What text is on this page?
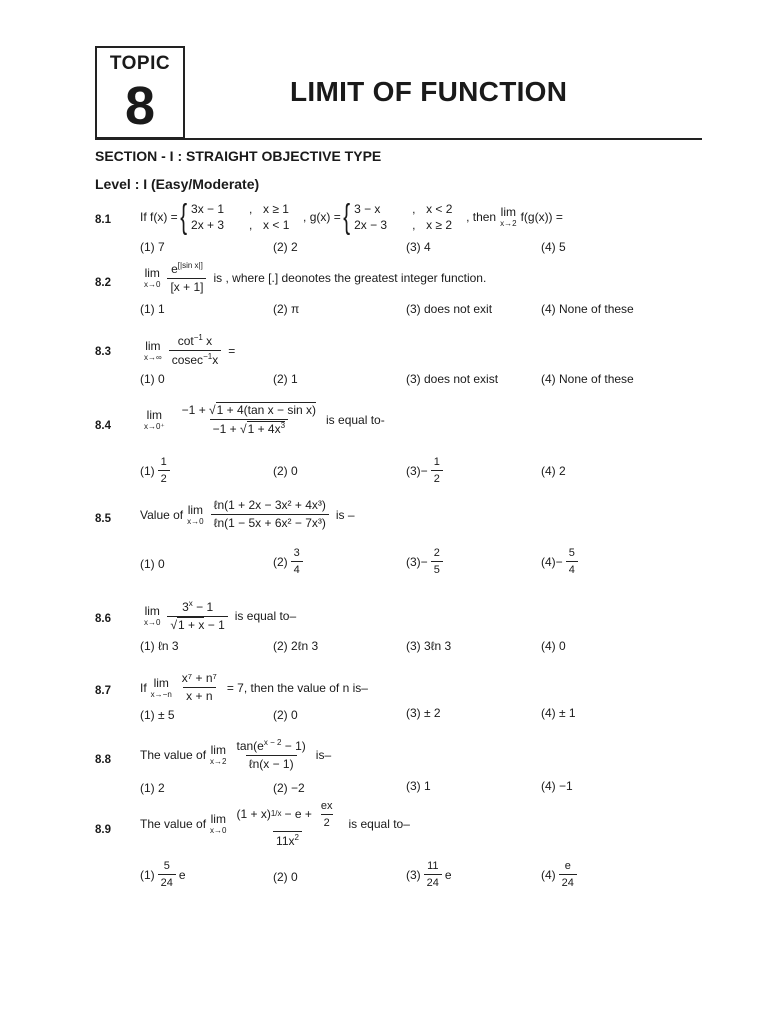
TOPIC
8	LIMIT OF FUNCTION
SECTION - I : STRAIGHT OBJECTIVE TYPE
Level : I (Easy/Moderate)
8.1 If f(x) = { 3x − 1	, x ≥ 1
2x + 3	, x < 1
, g(x) = { 3 − x	, x < 2
2x − 3	, x ≥ 2
, then lim
x→2 f(g(x)) =
(1) 7	(2) 2	(3) 4	(4) 5
8.2
lim
$x\to 0 \frac{e^{[|sin x|]}}{[x + 1]}$ is , where [.] deonotes the greatest integer function.
(1) 1	(2) π	(3) does not exit	(4) None of these
8.3	lim
$x\to\infty \frac{\cot^{-1} x}{cosec^{-1}x}$ =
(1) 0	(2) 1	(3) does not exist	(4) None of these
8.4
lim
$x\to 0^+ \frac{\text{−1 + √1 + 4(tan x − sin x)}}{-1 + √1 + 4x^3}$ is equal to-
$(1) \frac{1}{2}$	(2) 0	$(3) - \frac{1}{2}$	(4) 2
8.5 Value of lim
$x\to 0 \frac{\text{ℓn(1 + 2x − 3x² + 4x³)}}{\text{ℓn(1 − 5x + 6x² − 7x³)}}$ is –
(1) 0	$(2) \frac{3}{4}$	$(3) - \frac{2}{5}$	$(4) - \frac{5}{4}$
8.6
lim
$x\to 0 \frac{3^x - 1}{√1 + x - 1}$ is equal to–
(1) ℓn 3	(2) 2ℓn 3	(3) 3ℓn 3	(4) 0
8.7 If lim
$x\to-n \frac{\text{x⁷ + n⁷}}{x + n} = 7$, then the value of n is–
(1) ± 5	(2) 0	(3) ± 2	(4) ± 1
8.8 The value of lim
$x\to 2 \frac{\tan(e^{x - 2} - 1)}{\text{ℓn(x − 1)}} is-$
(1) 2	(2) −2	(3) 1	(4) −1
8.9 The value of lim
$x\to 0 \frac{(1 + x) 1/x - e + \frac{ex}{2}}{11x^2}$ is equal to–
$(1) \frac{5}{24}$ e	(2) 0	$(3) \frac{11}{24}$ e	$(4) \frac{e}{24}$
